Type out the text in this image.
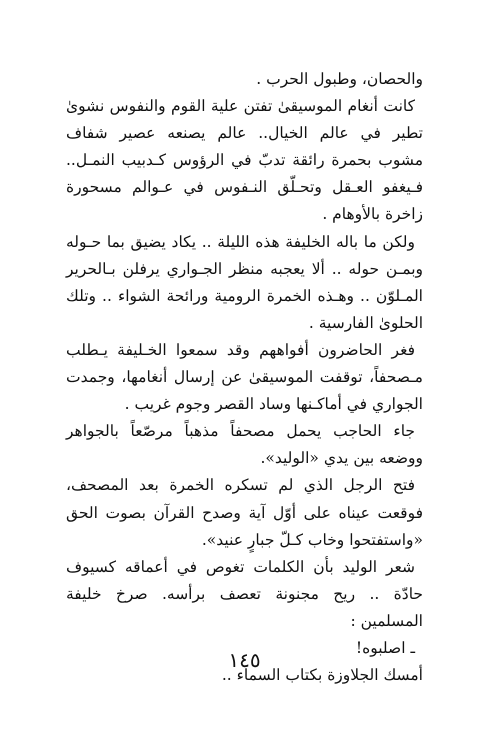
والحصان، وطبول الحرب .

كانت أنغام الموسيقىٰ تفتن علية القوم والنفوس نشوىٰ تطير في عالم الخيال.. عالم يصنعه عصير شفاف مشوب بحمرة رائقة تدبّ في الرؤوس كـدبيب النمـل.. فـيغفو العـقل وتحـلّق النـفوس في عـوالم مسحورة زاخرة بالأوهام .

ولكن ما باله الخليفة هذه الليلة .. يكاد يضيق بما حـوله وبمـن حوله .. ألا يعجبه منظر الجـواري يرفلن بـالحرير المـلوّن .. وهـذه الخمرة الرومية ورائحة الشواء .. وتلك الحلوىٰ الفارسية .

فغر الحاضرون أفواههم وقد سمعوا الخـليفة يـطلب مـصحفاً، توقفت الموسيقىٰ عن إرسال أنغامها، وجمدت الجواري في أماكـنها وساد القصر وجوم غريب .

جاء الحاجب يحمل مصحفاً مذهباً مرصّعاً بالجواهر ووضعه بين يدي «الوليد».

فتح الرجل الذي لم تسكره الخمرة بعد المصحف، فوقعت عيناه على أوّل آية وصدح القرآن بصوت الحق «واستفتحوا وخاب كـلّ جبارٍ عنيد».

شعر الوليد بأن الكلمات تغوص في أعماقه كسيوف حادّة .. ريح مجنونة تعصف برأسه. صرخ خليفة المسلمين :

ـ اصلبوه!

أمسك الجلاوزة بكتاب السماء ..

١٤٥
